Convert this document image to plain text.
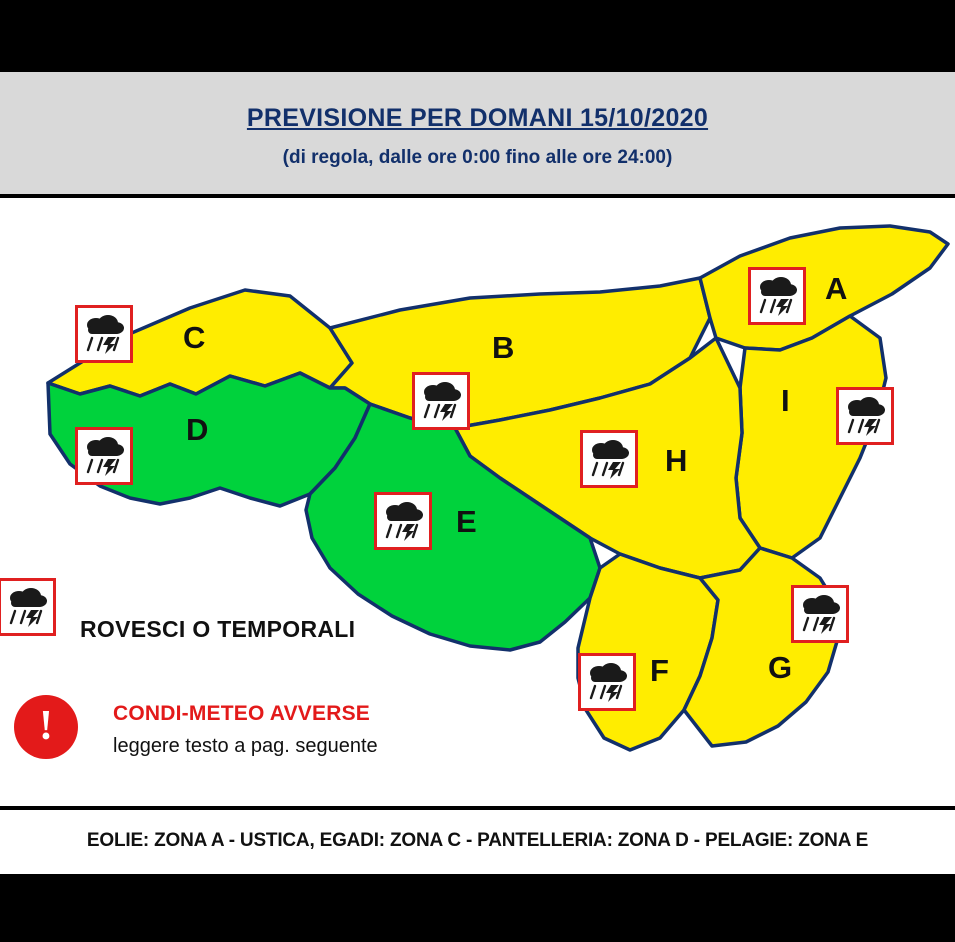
PREVISIONE PER DOMANI 15/10/2020
(di regola, dalle ore 0:00 fino alle ore 24:00)
C
D
B
A
I
H
E
F	G
ROVESCI O TEMPORALI
!	CONDI-METEO AVVERSE
leggere testo a pag. seguente
EOLIE: ZONA A - USTICA, EGADI: ZONA C - PANTELLERIA: ZONA D - PELAGIE: ZONA E
